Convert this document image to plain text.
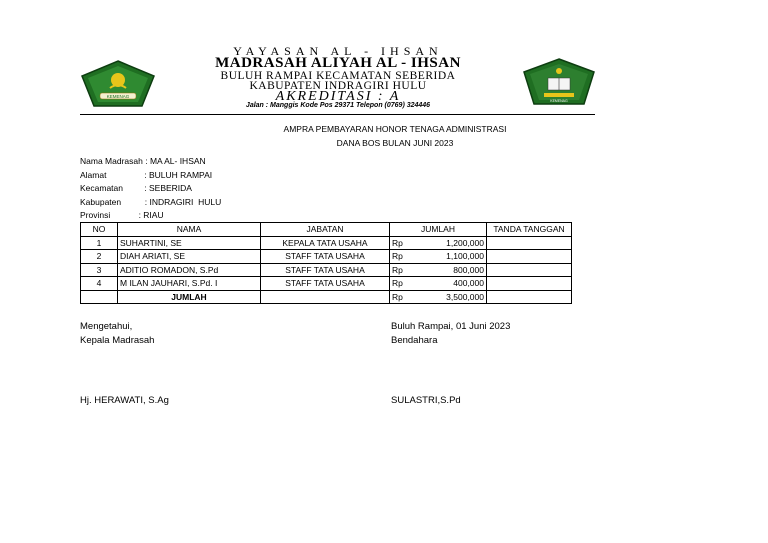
KEMENAG
KEMENAG
YAYASAN AL - IHSAN
MADRASAH ALIYAH AL - IHSAN
BULUH RAMPAI KECAMATAN SEBERIDA
KABUPATEN INDRAGIRI HULU
AKREDITASI : A
Jalan : Manggis Kode Pos 29371 Telepon (0769) 324446
AMPRA PEMBAYARAN HONOR TENAGA ADMINISTRASI
DANA BOS BULAN JUNI 2023
Nama Madrasah : MA AL- IHSAN
Alamat                : BULUH RAMPAI
Kecamatan         : SEBERIDA
Kabupaten          : INDRAGIRI  HULU
Provinsi            : RIAU
NO	NAMA	JABATAN	JUMLAH		TANDA TANGGAN
1	SUHARTINI, SE	KEPALA TATA USAHA	Rp	1,200,000	
2	DIAH ARIATI, SE	STAFF TATA USAHA	Rp	1,100,000	
3	ADITIO ROMADON, S.Pd	STAFF TATA USAHA	Rp	800,000	
4	M ILAN JAUHARI, S.Pd. I	STAFF TATA USAHA	Rp	400,000	
	JUMLAH		Rp	3,500,000	
Mengetahui,
Kepala Madrasah
Hj. HERAWATI, S.Ag
Buluh Rampai, 01 Juni 2023
Bendahara
SULASTRI,S.Pd
